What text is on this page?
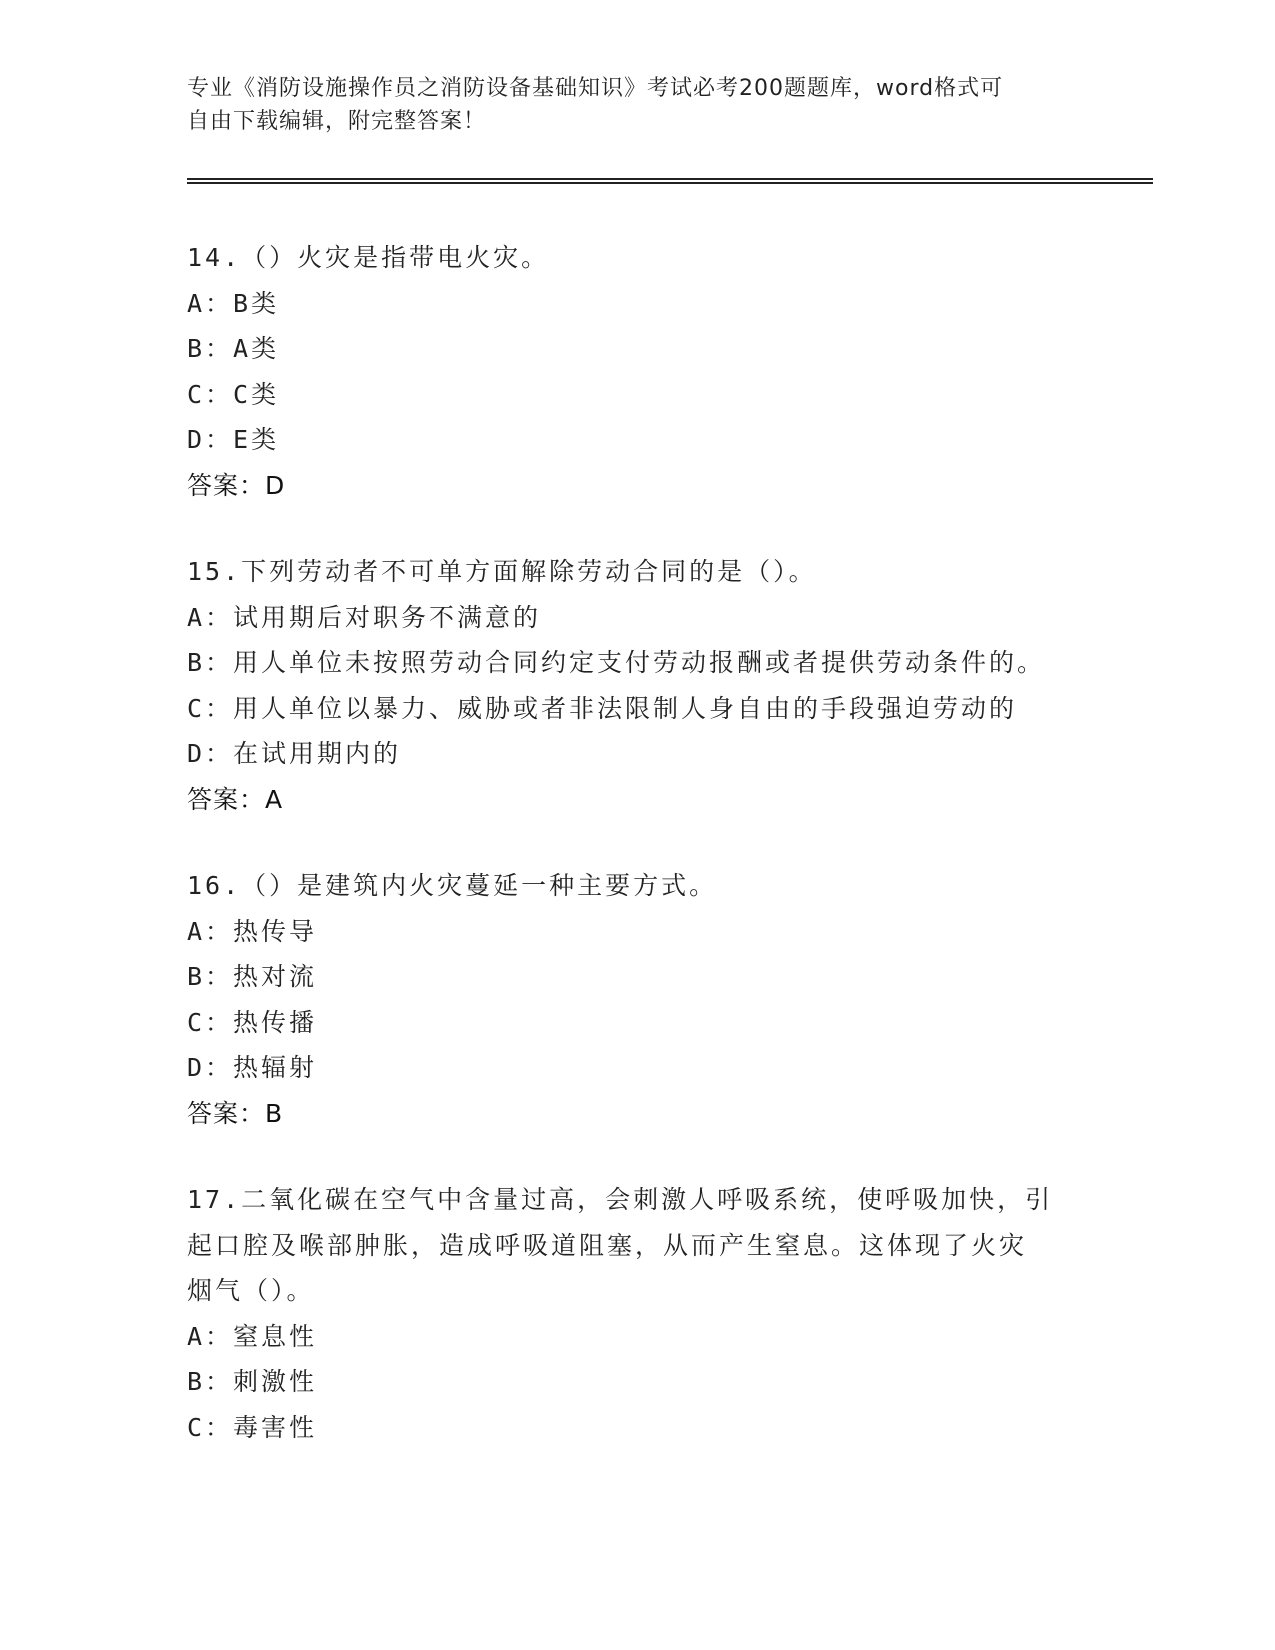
专业《消防设施操作员之消防设备基础知识》考试必考200题题库，word格式可
自由下载编辑，附完整答案！
14.（）火灾是指带电火灾。
A：B类
B：A类
C：C类
D：E类
答案：D
15.下列劳动者不可单方面解除劳动合同的是（）。
A：试用期后对职务不满意的
B：用人单位未按照劳动合同约定支付劳动报酬或者提供劳动条件的。
C：用人单位以暴力、威胁或者非法限制人身自由的手段强迫劳动的
D：在试用期内的
答案：A
16.（）是建筑内火灾蔓延一种主要方式。
A：热传导
B：热对流
C：热传播
D：热辐射
答案：B
17.二氧化碳在空气中含量过高，会刺激人呼吸系统，使呼吸加快，引
起口腔及喉部肿胀，造成呼吸道阻塞，从而产生窒息。这体现了火灾
烟气（）。
A：窒息性
B：刺激性
C：毒害性
